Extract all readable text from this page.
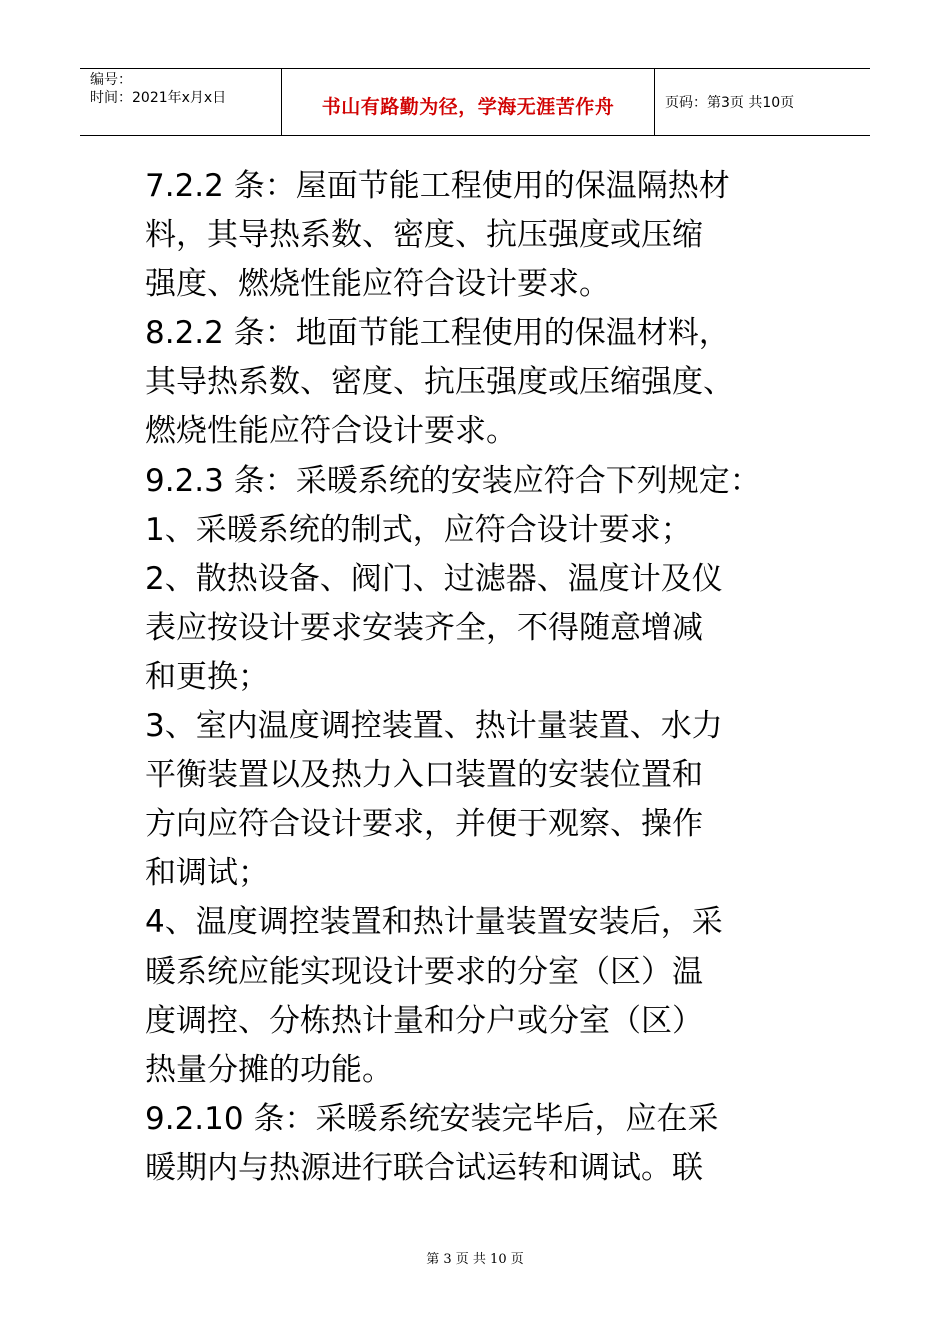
编号：
时间：2021年x月x日	书山有路勤为径，学海无涯苦作舟	页码：第3页 共10页

7.2.2 条：屋面节能工程使用的保温隔热材

料，其导热系数、密度、抗压强度或压缩

强度、燃烧性能应符合设计要求。

8.2.2 条：地面节能工程使用的保温材料，

其导热系数、密度、抗压强度或压缩强度、

燃烧性能应符合设计要求。

9.2.3 条：采暖系统的安装应符合下列规定：

1、采暖系统的制式，应符合设计要求；

2、散热设备、阀门、过滤器、温度计及仪

表应按设计要求安装齐全，不得随意增减

和更换；

3、室内温度调控装置、热计量装置、水力

平衡装置以及热力入口装置的安装位置和

方向应符合设计要求，并便于观察、操作

和调试；

4、温度调控装置和热计量装置安装后，采

暖系统应能实现设计要求的分室（区）温

度调控、分栋热计量和分户或分室（区）

热量分摊的功能。

9.2.10 条：采暖系统安装完毕后，应在采

暖期内与热源进行联合试运转和调试。联

第 3 页 共 10 页
